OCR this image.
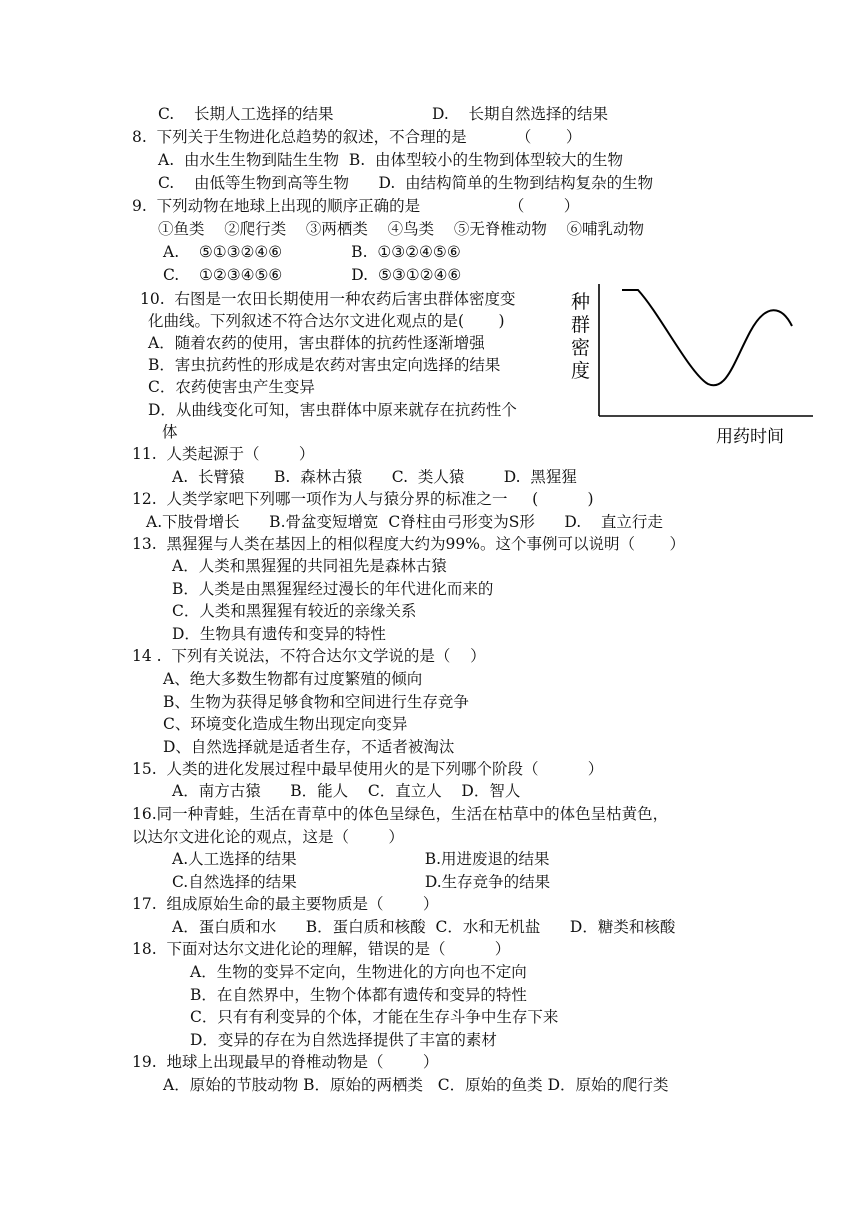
C.    长期人工选择的结果                    D.    长期自然选择的结果
8.  下列关于生物进化总趋势的叙述，不合理的是          （       ）
A.  由水生生物到陆生生物  B.  由体型较小的生物到体型较大的生物
C.    由低等生物到高等生物      D.  由结构简单的生物到结构复杂的生物
9.  下列动物在地球上出现的顺序正确的是                  （        ）
①鱼类    ②爬行类    ③两栖类    ④鸟类    ⑤无脊椎动物    ⑥哺乳动物
A.    ⑤①③②④⑥              B.  ①③②④⑤⑥
C.    ①②③④⑤⑥              D.  ⑤③①②④⑥
10.  右图是一农田长期使用一种农药后害虫群体密度变
化曲线。下列叙述不符合达尔文进化观点的是(       )
A．随着农药的使用，害虫群体的抗药性逐渐增强
B．害虫抗药性的形成是农药对害虫定向选择的结果
C．农药使害虫产生变异
D．从曲线变化可知，害虫群体中原来就存在抗药性个
体
11.  人类起源于（        ）
A.  长臂猿      B.  森林古猿      C.  类人猿        D.  黑猩猩
12.  人类学家吧下列哪一项作为人与猿分界的标准之一     (          )
A.下肢骨增长      B.骨盆变短增宽  C脊柱由弓形变为S形      D.    直立行走
13.  黑猩猩与人类在基因上的相似程度大约为99%。这个事例可以说明（       ）
A．人类和黑猩猩的共同祖先是森林古猿
B．人类是由黑猩猩经过漫长的年代进化而来的
C．人类和黑猩猩有较近的亲缘关系
D．生物具有遗传和变异的特性
14 .  下列有关说法，不符合达尔文学说的是（    ）
A、绝大多数生物都有过度繁殖的倾向
B、生物为获得足够食物和空间进行生存竞争
C、环境变化造成生物出现定向变异
D、自然选择就是适者生存，不适者被淘汰
15.  人类的进化发展过程中最早使用火的是下列哪个阶段（          ）
A．南方古猿      B．能人    C．直立人    D．智人
16.同一种青蛙，生活在青草中的体色呈绿色，生活在枯草中的体色呈枯黄色，
以达尔文进化论的观点，这是（        ）
A.人工选择的结果                          B.用进废退的结果
C.自然选择的结果                          D.生存竞争的结果
17.  组成原始生命的最主要物质是（        ）
A．蛋白质和水      B．蛋白质和核酸  C．水和无机盐      D．糖类和核酸
18.  下面对达尔文进化论的理解，错误的是（          ）
A．生物的变异不定向，生物进化的方向也不定向
B．在自然界中，生物个体都有遗传和变异的特性
C．只有有利变异的个体，才能在生存斗争中生存下来
D．变异的存在为自然选择提供了丰富的素材
19.  地球上出现最早的脊椎动物是（        ）
A．原始的节肢动物 B．原始的两栖类   C．原始的鱼类 D．原始的爬行类
种
群
密
度
用药时间
